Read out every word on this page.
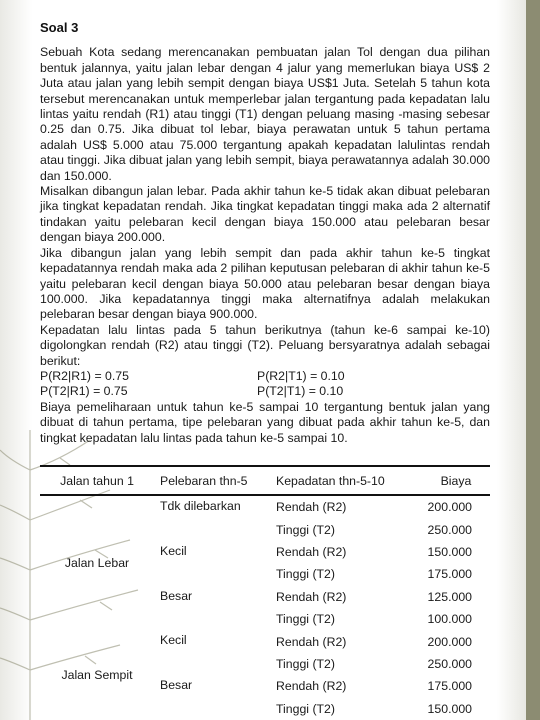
Soal 3

Sebuah Kota sedang merencanakan pembuatan jalan Tol dengan dua pilihan bentuk jalannya, yaitu jalan lebar dengan 4 jalur yang memerlukan biaya US$ 2 Juta atau jalan yang lebih sempit dengan biaya US$1 Juta. Setelah 5 tahun kota tersebut merencanakan untuk memperlebar jalan tergantung pada kepadatan lalu lintas yaitu rendah (R1) atau tinggi (T1) dengan peluang masing -masing sebesar 0.25 dan 0.75. Jika dibuat tol lebar, biaya perawatan untuk 5 tahun pertama adalah US$ 5.000 atau 75.000 tergantung apakah kepadatan lalulintas rendah atau tinggi. Jika dibuat jalan yang lebih sempit, biaya perawatannya adalah 30.000 dan 150.000.

Misalkan dibangun jalan lebar. Pada akhir tahun ke-5 tidak akan dibuat pelebaran jika tingkat kepadatan rendah. Jika tingkat kepadatan tinggi maka ada 2 alternatif tindakan yaitu pelebaran kecil dengan biaya 150.000 atau pelebaran besar dengan biaya 200.000.

Jika dibangun jalan yang lebih sempit dan pada akhir tahun ke-5 tingkat kepadatannya rendah maka ada 2 pilihan keputusan pelebaran di akhir tahun ke-5 yaitu pelebaran kecil dengan biaya 50.000 atau pelebaran besar dengan biaya 100.000. Jika kepadatannya tinggi maka alternatifnya adalah melakukan pelebaran besar dengan biaya 900.000.

Kepadatan lalu lintas pada 5 tahun berikutnya (tahun ke-6 sampai ke-10) digolongkan rendah (R2) atau tinggi (T2). Peluang bersyaratnya adalah sebagai berikut:

P(R2|R1) = 0.75	P(R2|T1) = 0.10
P(T2|R1) = 0.75	P(T2|T1) = 0.10

Biaya pemeliharaan untuk tahun ke-5 sampai 10 tergantung bentuk jalan yang dibuat di tahun pertama, tipe pelebaran yang dibuat pada akhir tahun ke-5, dan tingkat kepadatan lalu lintas pada tahun ke-5 sampai 10.

Jalan tahun 1	Pelebaran thn-5	Kepadatan thn-5-10	Biaya
Jalan Lebar	Tdk dilebarkan	Rendah (R2)	200.000
		Tinggi (T2)	250.000
	Kecil	Rendah (R2)	150.000
		Tinggi (T2)	175.000
	Besar	Rendah (R2)	125.000
		Tinggi (T2)	100.000
Jalan Sempit	Kecil	Rendah (R2)	200.000
		Tinggi (T2)	250.000
	Besar	Rendah (R2)	175.000
		Tinggi (T2)	150.000
